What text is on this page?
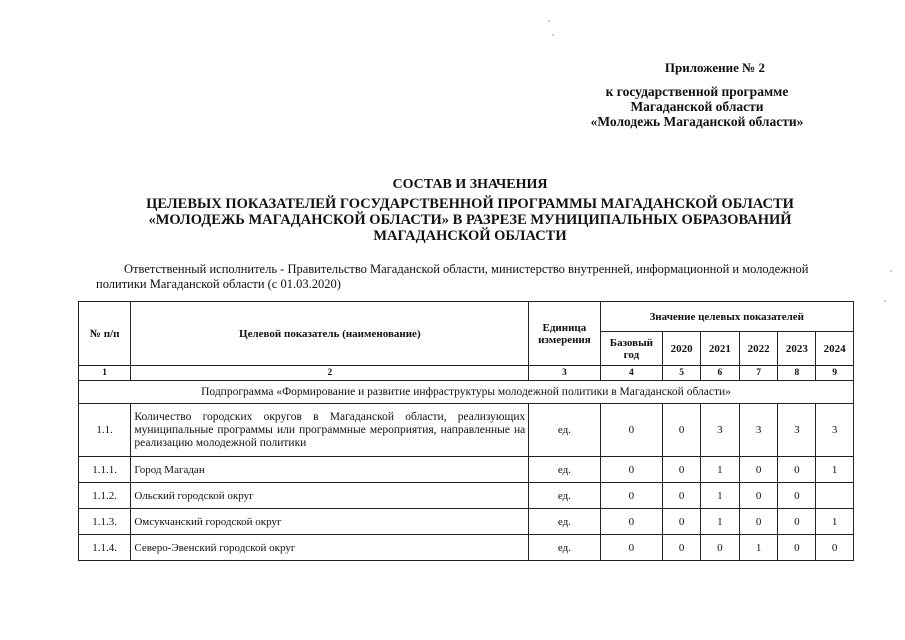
Приложение № 2
к государственной программе
Магаданской области
«Молодежь Магаданской области»
СОСТАВ И ЗНАЧЕНИЯ
ЦЕЛЕВЫХ ПОКАЗАТЕЛЕЙ ГОСУДАРСТВЕННОЙ ПРОГРАММЫ МАГАДАНСКОЙ ОБЛАСТИ «МОЛОДЕЖЬ МАГАДАНСКОЙ ОБЛАСТИ» В РАЗРЕЗЕ МУНИЦИПАЛЬНЫХ ОБРАЗОВАНИЙ МАГАДАНСКОЙ ОБЛАСТИ
Ответственный исполнитель - Правительство Магаданской области, министерство внутренней, информационной и молодежной политики Магаданской области (с 01.03.2020)
№ п/п	Целевой показатель (наименование)	Единица измерения	Значение целевых показателей					
			Базовый год	2020	2021	2022	2023	2024
1	2	3	4	5	6	7	8	9
Подпрограмма «Формирование и развитие инфраструктуры молодежной политики в Магаданской области»								
1.1.	Количество городских округов в Магаданской области, реализующих муниципальные программы или программные мероприятия, направленные на реализацию молодежной политики	ед.	0	0	3	3	3	3
1.1.1.	Город Магадан	ед.	0	0	1	0	0	1
1.1.2.	Ольский городской округ	ед.	0	0	1	0	0	
1.1.3.	Омсукчанский городской округ	ед.	0	0	1	0	0	1
1.1.4.	Северо-Эвенский городской округ	ед.	0	0	0	1	0	0
